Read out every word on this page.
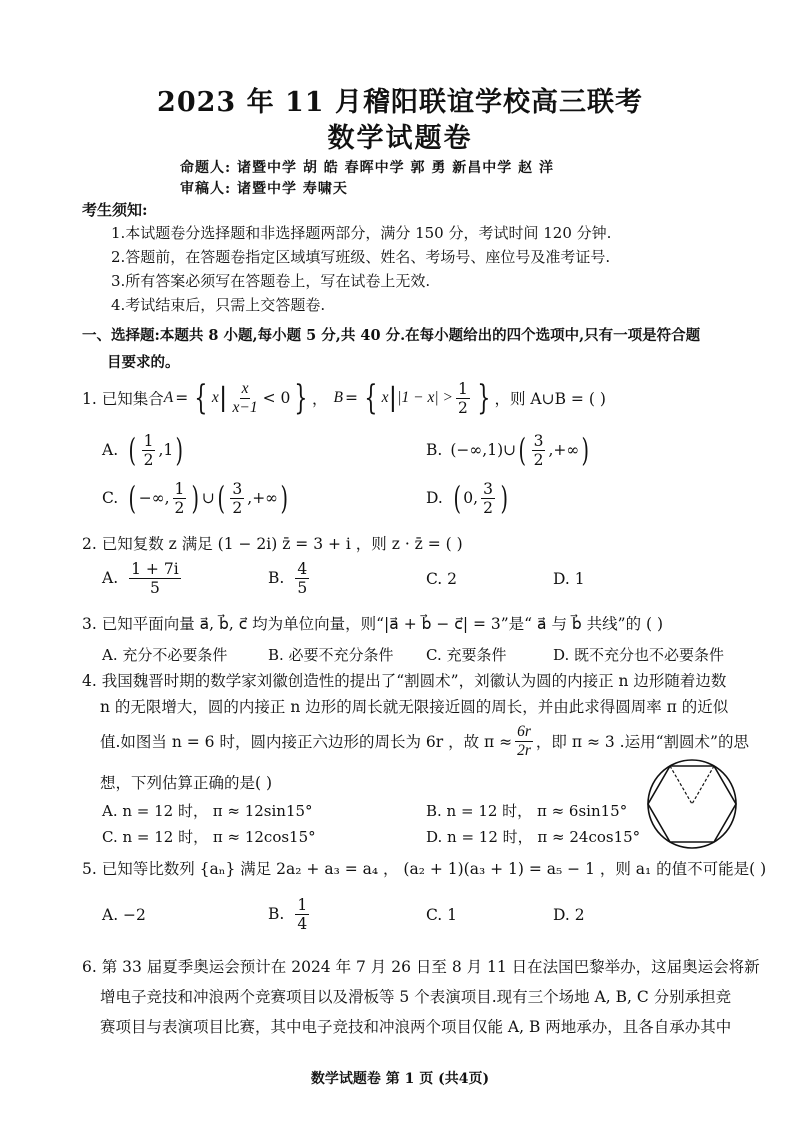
2023 年 11 月稽阳联谊学校高三联考
数学试题卷
命题人: 诸暨中学 胡 皓 春晖中学 郭 勇 新昌中学 赵 洋
审稿人: 诸暨中学 寿啸天
考生须知:
1.本试题卷分选择题和非选择题两部分，满分 150 分，考试时间 120 分钟.
2.答题前，在答题卷指定区域填写班级、姓名、考场号、座位号及准考证号.
3.所有答案必须写在答题卷上，写在试卷上无效.
4.考试结束后，只需上交答题卷.
一、选择题:本题共 8 小题,每小题 5 分,共 40 分.在每小题给出的四个选项中,只有一项是符合题
目要求的。
1. 已知集合 A = { x | $\frac{x}{x-1} < 0$ } ， B = { x | $|1 - x| > \frac{1}{2}$ } ，则 A∪B = ( )
A. ( $\frac{1}{2} ,1$ )	B. (−∞,1)∪ ( $\frac{3}{2}$ ,+∞ )
C. ( −∞, $\frac{1}{2}$ ) ∪ ( $\frac{3}{2}$ ,+∞ )	D. ( 0, $\frac{3}{2}$ )
2. 已知复数 z 满足 (1 − 2i) z̄ = 3 + i ，则 z · z̄ = ( )
A. $\frac{1 + 7i}{5}$	B. $\frac{4}{5}$	C. 2	D. 1
3. 已知平面向量 a⃗, b⃗, c⃗ 均为单位向量，则“|a⃗ + b⃗ − c⃗| = 3”是“ a⃗ 与 b⃗ 共线”的 ( )
A. 充分不必要条件	B. 必要不充分条件 C. 充要条件	D. 既不充分也不必要条件
4. 我国魏晋时期的数学家刘徽创造性的提出了“割圆术”，刘徽认为圆的内接正 n 边形随着边数
n 的无限增大，圆的内接正 n 边形的周长就无限接近圆的周长，并由此求得圆周率 π 的近似
值.如图当 n = 6 时，圆内接正六边形的周长为 6r ，故 $\pi \approx \frac{6r}{2r}$ ，即 π ≈ 3 .运用“割圆术”的思
想，下列估算正确的是( )
A. n = 12 时， π ≈ 12sin15°	B. n = 12 时， π ≈ 6sin15°
C. n = 12 时， π ≈ 12cos15°	D. n = 12 时， π ≈ 24cos15°
5. 已知等比数列 {aₙ} 满足 2a₂ + a₃ = a₄ ， (a₂ + 1)(a₃ + 1) = a₅ − 1 ，则 a₁ 的值不可能是( )
A. −2	B. $\frac{1}{4}$	C. 1	D. 2
6. 第 33 届夏季奥运会预计在 2024 年 7 月 26 日至 8 月 11 日在法国巴黎举办，这届奥运会将新
增电子竞技和冲浪两个竞赛项目以及滑板等 5 个表演项目.现有三个场地 A, B, C 分别承担竞
赛项目与表演项目比赛，其中电子竞技和冲浪两个项目仅能 A, B 两地承办，且各自承办其中
数学试题卷 第 1 页 (共4页)
